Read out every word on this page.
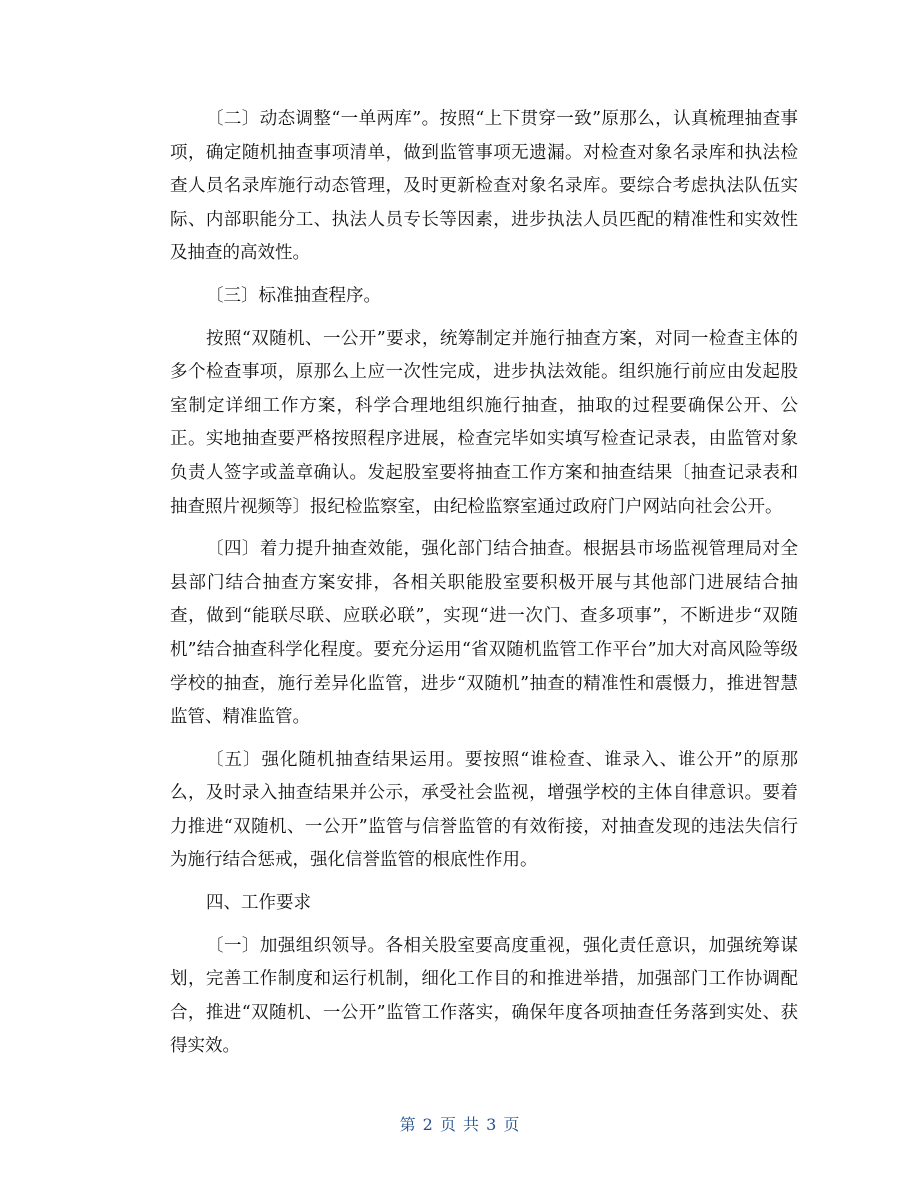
〔二〕动态调整“一单两库”。按照“上下贯穿一致”原那么，认真梳理抽查事项，确定随机抽查事项清单，做到监管事项无遗漏。对检查对象名录库和执法检查人员名录库施行动态管理，及时更新检查对象名录库。要综合考虑执法队伍实际、内部职能分工、执法人员专长等因素，进步执法人员匹配的精准性和实效性及抽查的高效性。

〔三〕标准抽查程序。

按照“双随机、一公开”要求，统筹制定并施行抽查方案，对同一检查主体的多个检查事项，原那么上应一次性完成，进步执法效能。组织施行前应由发起股室制定详细工作方案，科学合理地组织施行抽查，抽取的过程要确保公开、公正。实地抽查要严格按照程序进展，检查完毕如实填写检查记录表，由监管对象负责人签字或盖章确认。发起股室要将抽查工作方案和抽查结果〔抽查记录表和抽查照片视频等〕报纪检监察室，由纪检监察室通过政府门户网站向社会公开。

〔四〕着力提升抽查效能，强化部门结合抽查。根据县市场监视管理局对全县部门结合抽查方案安排，各相关职能股室要积极开展与其他部门进展结合抽查，做到“能联尽联、应联必联”，实现“进一次门、查多项事”，不断进步“双随机”结合抽查科学化程度。要充分运用“省双随机监管工作平台”加大对高风险等级学校的抽查，施行差异化监管，进步“双随机”抽查的精准性和震慑力，推进智慧监管、精准监管。

〔五〕强化随机抽查结果运用。要按照“谁检查、谁录入、谁公开”的原那么，及时录入抽查结果并公示，承受社会监视，增强学校的主体自律意识。要着力推进“双随机、一公开”监管与信誉监管的有效衔接，对抽查发现的违法失信行为施行结合惩戒，强化信誉监管的根底性作用。

四、工作要求

〔一〕加强组织领导。各相关股室要高度重视，强化责任意识，加强统筹谋划，完善工作制度和运行机制，细化工作目的和推进举措，加强部门工作协调配合，推进“双随机、一公开”监管工作落实，确保年度各项抽查任务落到实处、获得实效。

第 2 页 共 3 页
